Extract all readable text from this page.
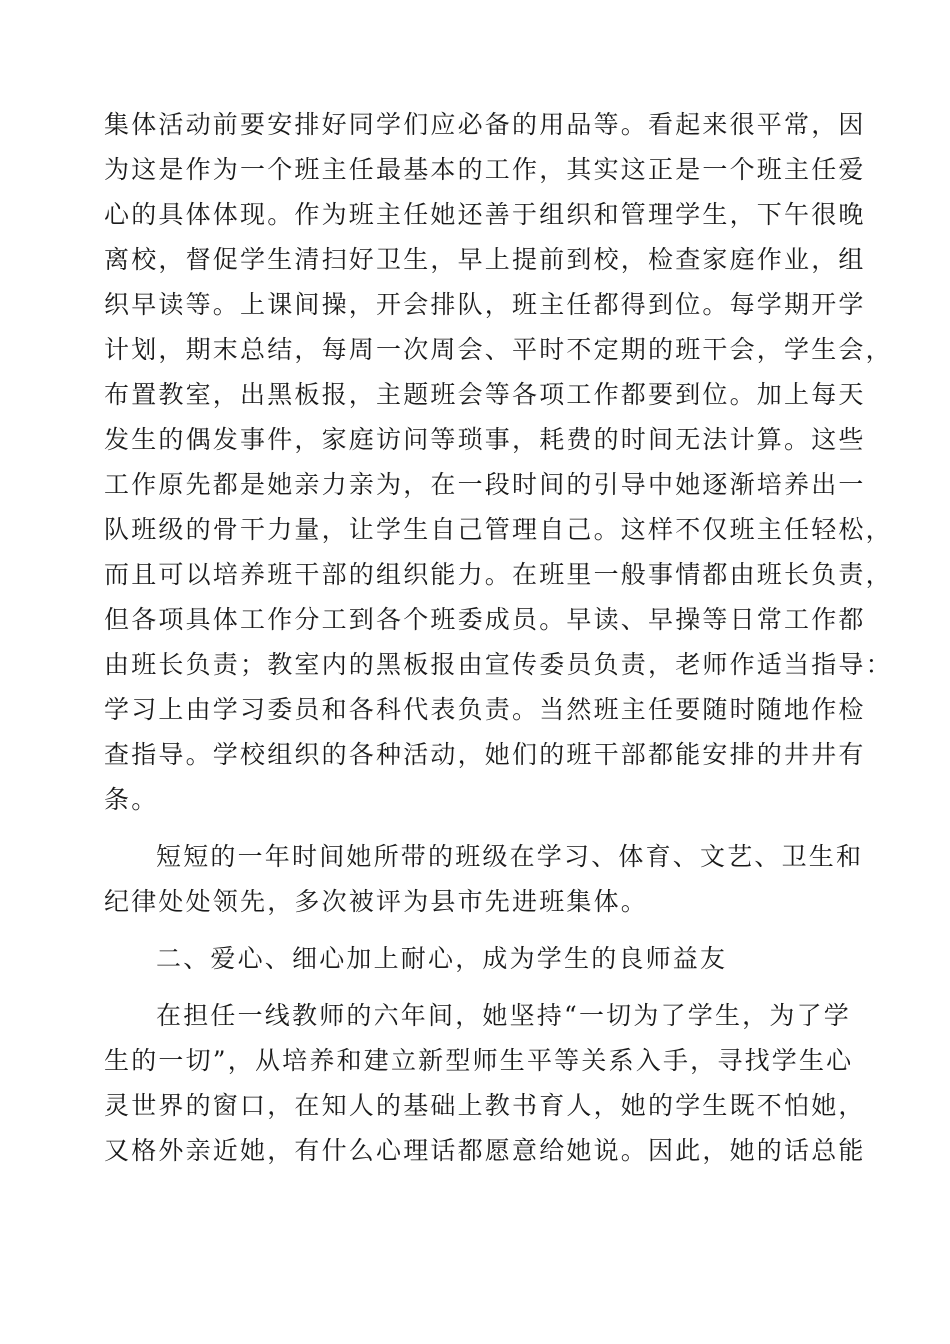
集体活动前要安排好同学们应必备的用品等。看起来很平常，因
为这是作为一个班主任最基本的工作，其实这正是一个班主任爱
心的具体体现。作为班主任她还善于组织和管理学生，下午很晚
离校，督促学生清扫好卫生，早上提前到校，检查家庭作业，组
织早读等。上课间操，开会排队，班主任都得到位。每学期开学
计划，期末总结，每周一次周会、平时不定期的班干会，学生会，
布置教室，出黑板报，主题班会等各项工作都要到位。加上每天
发生的偶发事件，家庭访问等琐事，耗费的时间无法计算。这些
工作原先都是她亲力亲为，在一段时间的引导中她逐渐培养出一
队班级的骨干力量，让学生自己管理自己。这样不仅班主任轻松，
而且可以培养班干部的组织能力。在班里一般事情都由班长负责，
但各项具体工作分工到各个班委成员。早读、早操等日常工作都
由班长负责；教室内的黑板报由宣传委员负责，老师作适当指导：
学习上由学习委员和各科代表负责。当然班主任要随时随地作检
查指导。学校组织的各种活动，她们的班干部都能安排的井井有
条。

短短的一年时间她所带的班级在学习、体育、文艺、卫生和
纪律处处领先，多次被评为县市先进班集体。

二、爱心、细心加上耐心，成为学生的良师益友

在担任一线教师的六年间，她坚持“一切为了学生，为了学
生的一切”，从培养和建立新型师生平等关系入手，寻找学生心
灵世界的窗口，在知人的基础上教书育人，她的学生既不怕她，
又格外亲近她，有什么心理话都愿意给她说。因此，她的话总能
